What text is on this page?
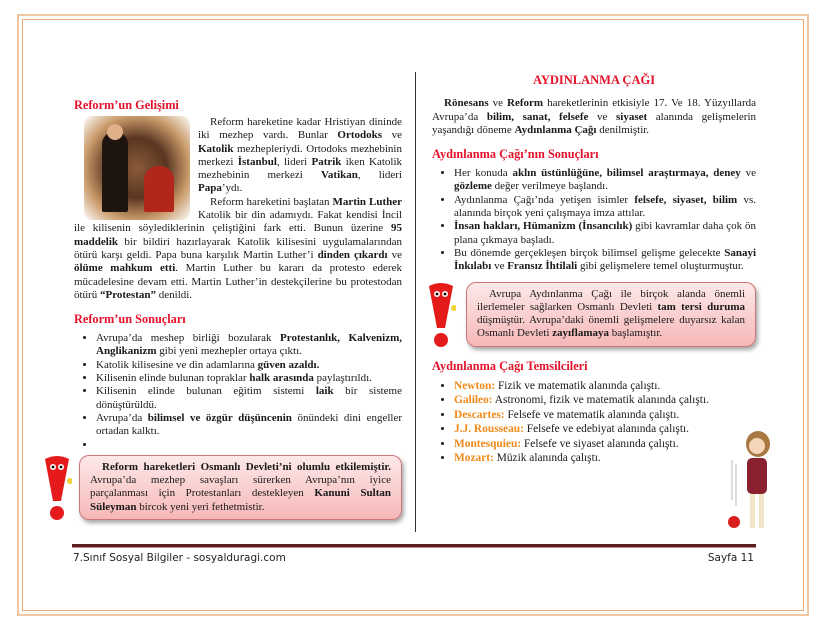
Reform’un Gelişimi

Reform hareketine kadar Hristiyan dininde iki mezhep vardı. Bunlar Ortodoks ve Katolik mezhepleriydi. Ortodoks mezhebinin merkezi İstanbul, lideri Patrik iken Katolik mezhebinin merkezi Vatikan, lideri Papa’ydı.

Reform hareketini başlatan Martin Luther Katolik bir din adamıydı. Fakat kendisi İncil ile kilisenin söylediklerinin çeliştiğini fark etti. Bunun üzerine 95 maddelik bir bildiri hazırlayarak Katolik kilisesini uygulamalarından ötürü karşı geldi. Papa buna karşılık Martin Luther’i dinden çıkardı ve ölüme mahkum etti. Martin Luther bu kararı da protesto ederek mücadelesine devam etti. Martin Luther’in destekçilerine bu protestodan ötürü “Protestan” denildi.

Reform’un Sonuçları
• Avrupa’da meshep birliği bozularak Protestanlık, Kalvenizm, Anglikanizm gibi yeni mezhepler ortaya çıktı.
• Katolik kilisesine ve din adamlarına güven azaldı.
• Kilisenin elinde bulunan topraklar halk arasında paylaştırıldı.
• Kilisenin elinde bulunan eğitim sistemi laik bir sisteme dönüştürüldü.
• Avrupa’da bilimsel ve özgür düşüncenin önündeki dini engeller ortadan kalktı.
•
Reform hareketleri Osmanlı Devleti’ni olumlu etkilemiştir. Avrupa’da mezhep savaşları sürerken Avrupa’nın iyice parçalanması için Protestanları destekleyen Kanuni Sultan Süleyman bircok yeni yeri fethetmistir.
AYDINLANMA ÇAĞI

Rönesans ve Reform hareketlerinin etkisiyle 17. Ve 18. Yüzyıllarda Avrupa’da bilim, sanat, felsefe ve siyaset alanında gelişmelerin yaşandığı döneme Aydınlanma Çağı denilmiştir.

Aydınlanma Çağı’nın Sonuçları
• Her konuda aklın üstünlüğüne, bilimsel araştırmaya, deney ve gözleme değer verilmeye başlandı.
• Aydınlanma Çağı’nda yetişen isimler felsefe, siyaset, bilim vs. alanında birçok yeni çalışmaya imza attılar.
• İnsan hakları, Hümanizm (İnsancılık) gibi kavramlar daha çok ön plana çıkmaya başladı.
• Bu dönemde gerçekleşen birçok bilimsel gelişme gelecekte Sanayi İnkılabı ve Fransız İhtilali gibi gelişmelere temel oluşturmuştur.
Avrupa Aydınlanma Çağı ile birçok alanda önemli ilerlemeler sağlarken Osmanlı Devleti tam tersi duruma düşmüştür. Avrupa’daki önemli gelişmelere duyarsız kalan Osmanlı Devleti zayıflamaya başlamıştır.
Aydınlanma Çağı Temsilcileri
• Newton: Fizik ve matematik alanında çalıştı.
• Galileo: Astronomi, fizik ve matematik alanında çalıştı.
• Descartes: Felsefe ve matematik alanında çalıştı.
• J.J. Rousseau: Felsefe ve edebiyat alanında çalıştı.
• Montesquieu: Felsefe ve siyaset alanında çalıştı.
• Mozart: Müzik alanında çalıştı.
7.Sınıf Sosyal Bilgiler - sosyalduragi.com	Sayfa 11
